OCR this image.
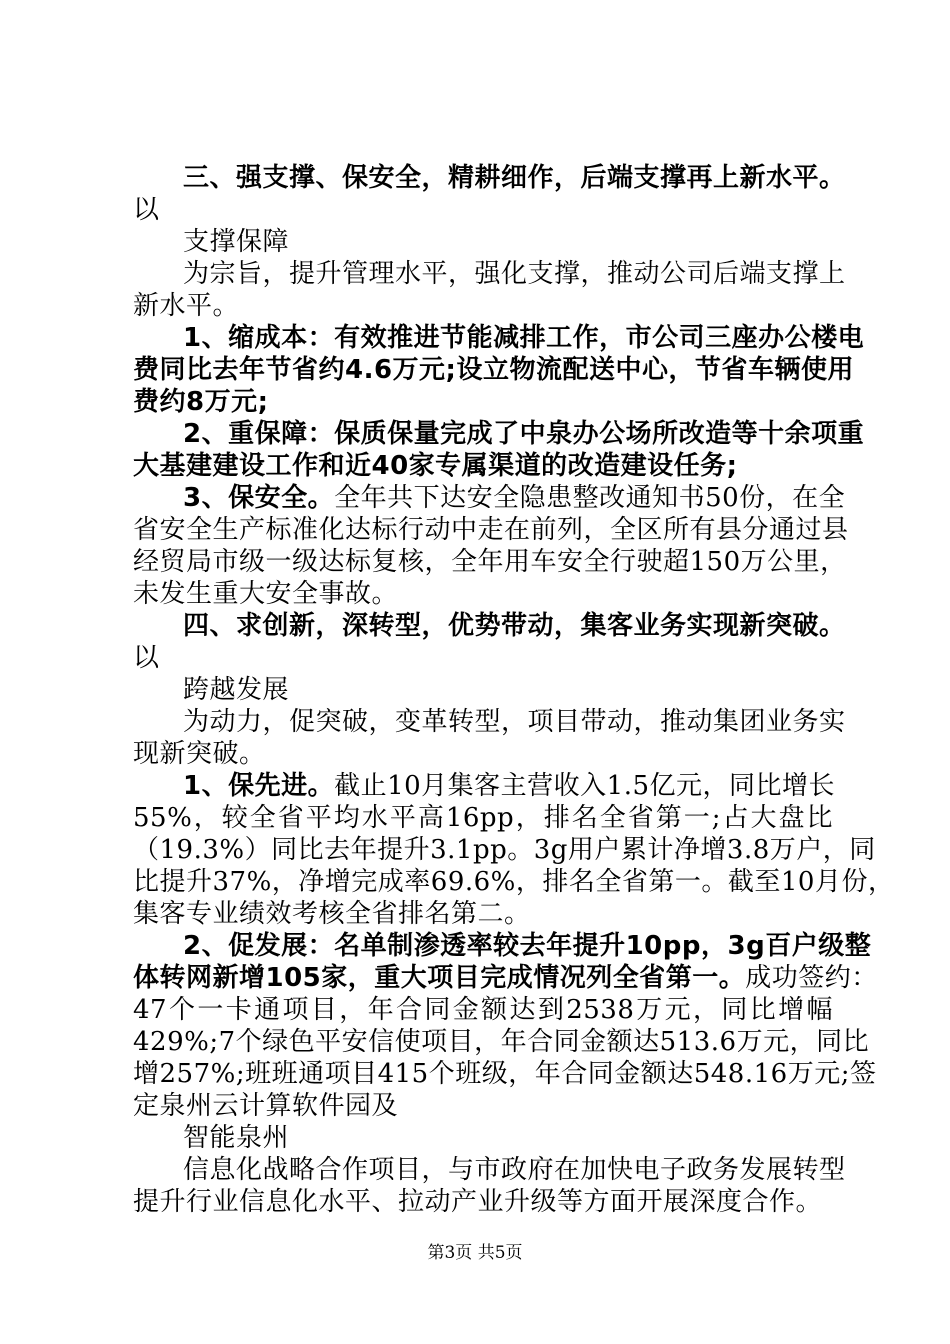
三、强支撑、保安全，精耕细作，后端支撑再上新水平。
以
支撑保障
为宗旨，提升管理水平，强化支撑，推动公司后端支撑上
新水平。
1、缩成本：有效推进节能减排工作，市公司三座办公楼电
费同比去年节省约4.6万元;设立物流配送中心，节省车辆使用
费约8万元;
2、重保障：保质保量完成了中泉办公场所改造等十余项重
大基建建设工作和近40家专属渠道的改造建设任务;
3、保安全。全年共下达安全隐患整改通知书50份，在全
省安全生产标准化达标行动中走在前列，全区所有县分通过县
经贸局市级一级达标复核，全年用车安全行驶超150万公里，
未发生重大安全事故。
四、求创新，深转型，优势带动，集客业务实现新突破。
以
跨越发展
为动力，促突破，变革转型，项目带动，推动集团业务实
现新突破。
1、保先进。截止10月集客主营收入1.5亿元，同比增长
55%，较全省平均水平高16pp，排名全省第一;占大盘比
（19.3%）同比去年提升3.1pp。3g用户累计净增3.8万户，同
比提升37%，净增完成率69.6%，排名全省第一。截至10月份，
集客专业绩效考核全省排名第二。
2、促发展：名单制渗透率较去年提升10pp，3g百户级整
体转网新增105家，重大项目完成情况列全省第一。成功签约：
47个一卡通项目，年合同金额达到2538万元，同比增幅
429%;7个绿色平安信使项目，年合同金额达513.6万元，同比
增257%;班班通项目415个班级，年合同金额达548.16万元;签
定泉州云计算软件园及
智能泉州
信息化战略合作项目，与市政府在加快电子政务发展转型
提升行业信息化水平、拉动产业升级等方面开展深度合作。
第3页 共5页
